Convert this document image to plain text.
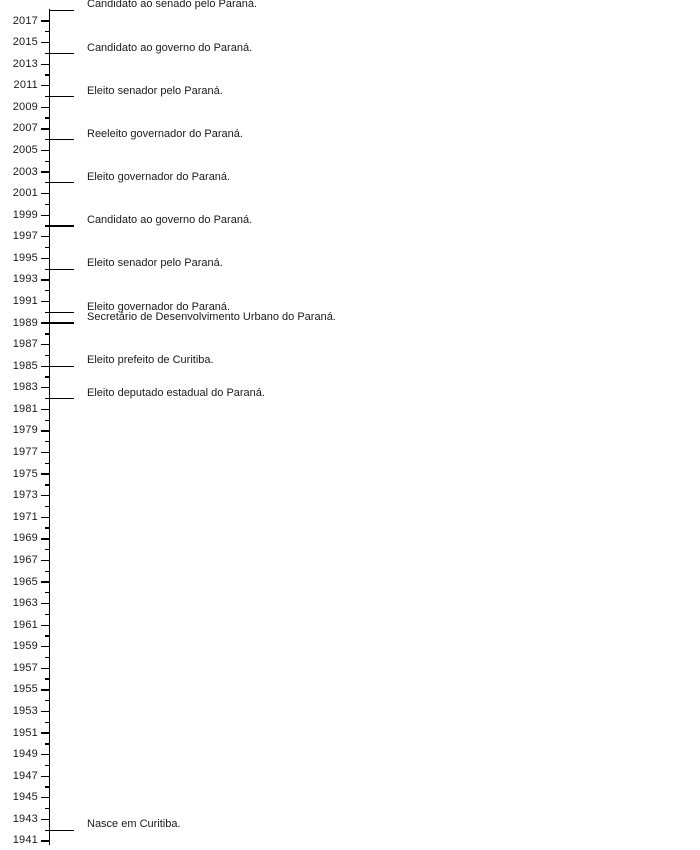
2017
2015
2013
2011
2009
2007
2005
2003
2001
1999
1997
1995
1993
1991
1989
1987
1985
1983
1981
1979
1977
1975
1973
1971
1969
1967
1965
1963
1961
1959
1957
1955
1953
1951
1949
1947
1945
1943
1941
Candidato ao senado pelo Paraná.
Candidato ao governo do Paraná.
Eleito senador pelo Paraná.
Reeleito governador do Paraná.
Eleito governador do Paraná.
Candidato ao governo do Paraná.
Eleito senador pelo Paraná.
Eleito governador do Paraná.
Secretário de Desenvolvimento Urbano do Paraná.
Eleito prefeito de Curitiba.
Eleito deputado estadual do Paraná.
Nasce em Curitiba.
